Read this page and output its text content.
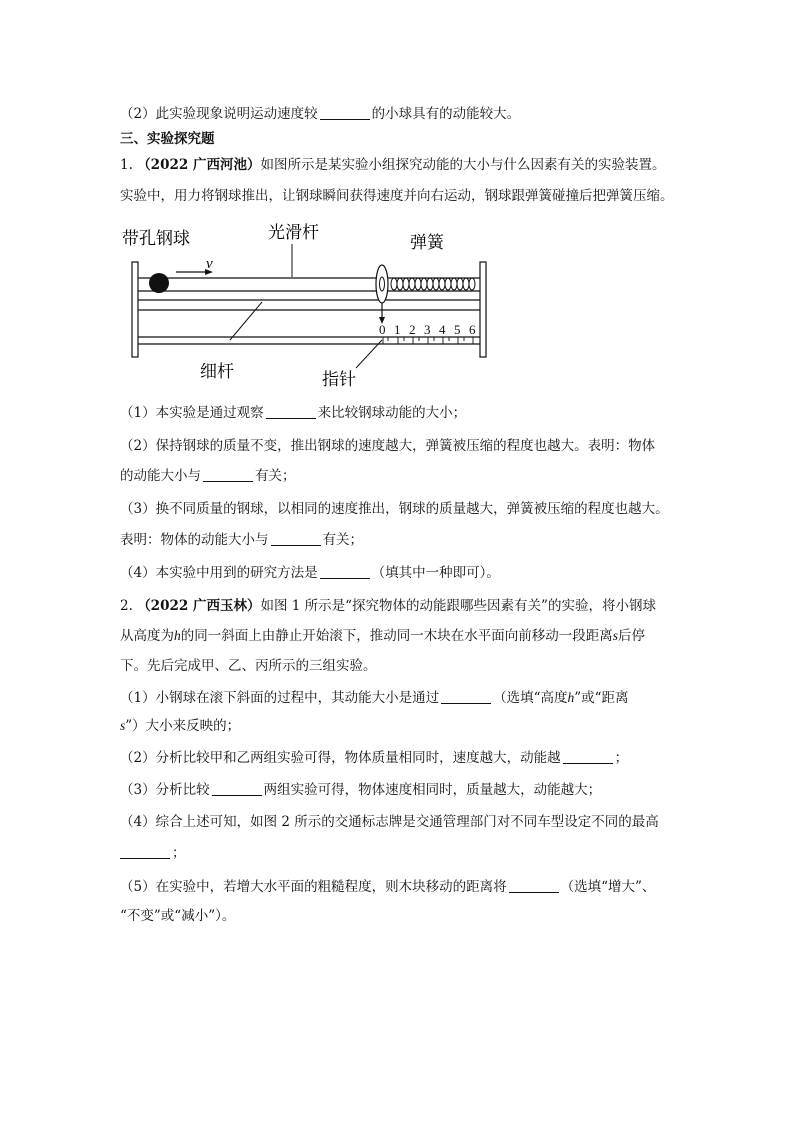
（2）此实验现象说明运动速度较	的小球具有的动能较大。
三、实验探究题
1. （2022 广西河池）如图所示是某实验小组探究动能的大小与什么因素有关的实验装置。
实验中，用力将钢球推出，让钢球瞬间获得速度并向右运动，钢球跟弹簧碰撞后把弹簧压缩。
0 1 2 3 4 5 6
带孔钢球	光滑杆	弹簧
v
细杆	指针
（1）本实验是通过观察	来比较钢球动能的大小；
（2）保持钢球的质量不变，推出钢球的速度越大，弹簧被压缩的程度也越大。表明：物体
的动能大小与	有关；
（3）换不同质量的钢球，以相同的速度推出，钢球的质量越大，弹簧被压缩的程度也越大。
表明：物体的动能大小与	有关；
（4）本实验中用到的研究方法是	（填其中一种即可）。
2. （2022 广西玉林）如图 1 所示是“探究物体的动能跟哪些因素有关”的实验，将小钢球
从高度为h的同一斜面上由静止开始滚下，推动同一木块在水平面向前移动一段距离s后停
下。先后完成甲、乙、丙所示的三组实验。
（1）小钢球在滚下斜面的过程中，其动能大小是通过	（选填“高度h”或“距离
s”）大小来反映的；
（2）分析比较甲和乙两组实验可得，物体质量相同时，速度越大，动能越	；
（3）分析比较	两组实验可得，物体速度相同时，质量越大，动能越大；
（4）综合上述可知，如图 2 所示的交通标志牌是交通管理部门对不同车型设定不同的最高
；
（5）在实验中，若增大水平面的粗糙程度，则木块移动的距离将	（选填“增大”、
“不变”或“减小”）。
